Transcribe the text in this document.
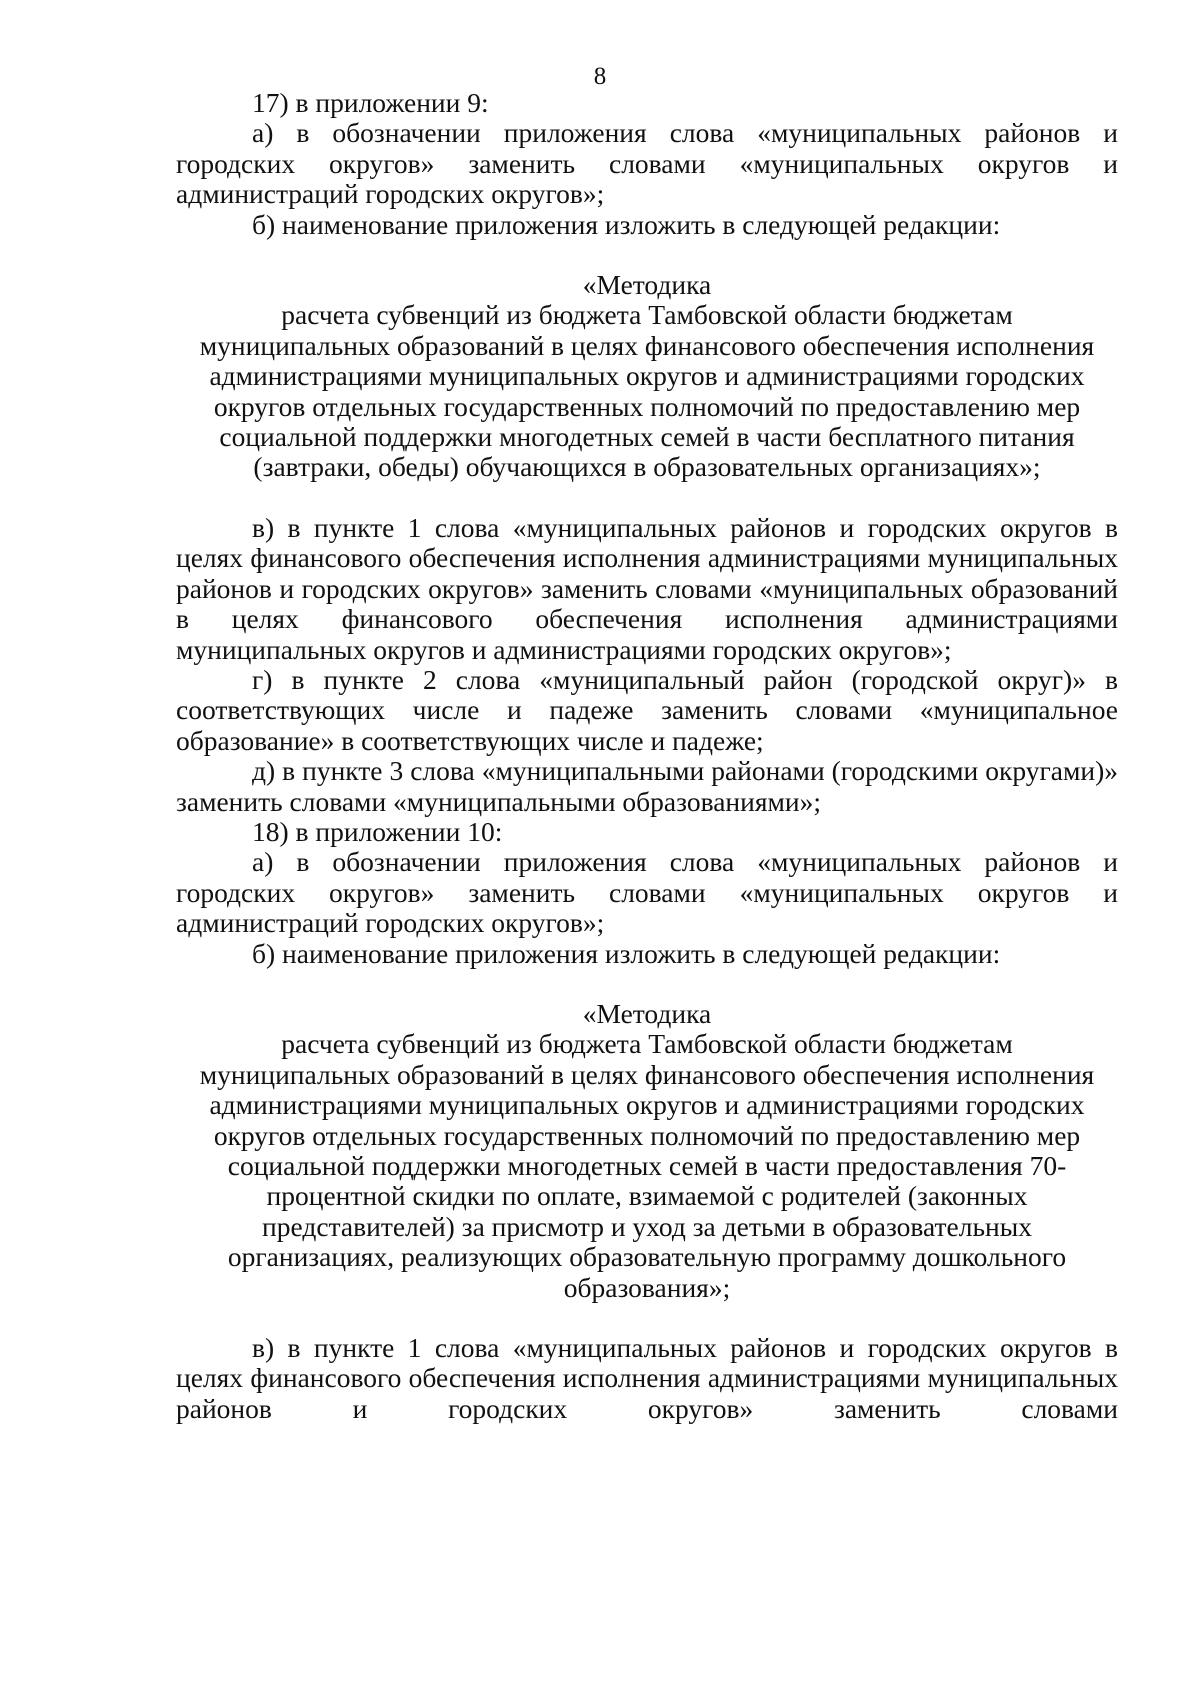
8

17) в приложении 9:

а) в обозначении приложения слова «муниципальных районов и городских округов» заменить словами «муниципальных округов и администраций городских округов»;

б) наименование приложения изложить в следующей редакции:

«Методика
расчета субвенций из бюджета Тамбовской области бюджетам
муниципальных образований в целях финансового обеспечения исполнения
администрациями муниципальных округов и администрациями городских
округов отдельных государственных полномочий по предоставлению мер
социальной поддержки многодетных семей в части бесплатного питания
(завтраки, обеды) обучающихся в образовательных организациях»;

в) в пункте 1 слова «муниципальных районов и городских округов в целях финансового обеспечения исполнения администрациями муниципальных районов и городских округов» заменить словами «муниципальных образований в целях финансового обеспечения исполнения администрациями муниципальных округов и администрациями городских округов»;

г) в пункте 2 слова «муниципальный район (городской округ)» в соответствующих числе и падеже заменить словами «муниципальное образование» в соответствующих числе и падеже;

д) в пункте 3 слова «муниципальными районами (городскими округами)» заменить словами «муниципальными образованиями»;

18) в приложении 10:

а) в обозначении приложения слова «муниципальных районов и городских округов» заменить словами «муниципальных округов и администраций городских округов»;

б) наименование приложения изложить в следующей редакции:

«Методика
расчета субвенций из бюджета Тамбовской области бюджетам
муниципальных образований в целях финансового обеспечения исполнения
администрациями муниципальных округов и администрациями городских
округов отдельных государственных полномочий по предоставлению мер
социальной поддержки многодетных семей в части предоставления 70-
процентной скидки по оплате, взимаемой с родителей (законных
представителей) за присмотр и уход за детьми в образовательных
организациях, реализующих образовательную программу дошкольного
образования»;

в) в пункте 1 слова «муниципальных районов и городских округов в целях финансового обеспечения исполнения администрациями муниципальных районов и городских округов» заменить словами
